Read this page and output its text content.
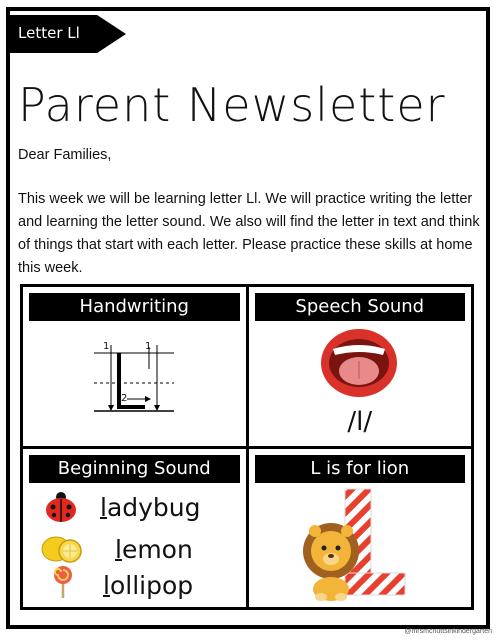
Letter Ll
Parent Newsletter
Dear Families,
This week we will be learning letter Ll. We will practice writing the letter and learning the letter sound. We also will find the letter in text and think of things that start with each letter. Please practice these skills at home this week.
Handwriting
1	1
2
/l/
Speech Sound
Beginning Sound
ladybug
lemon
lollipop
L is for lion
@mrsmcnuttsinkindergarten
